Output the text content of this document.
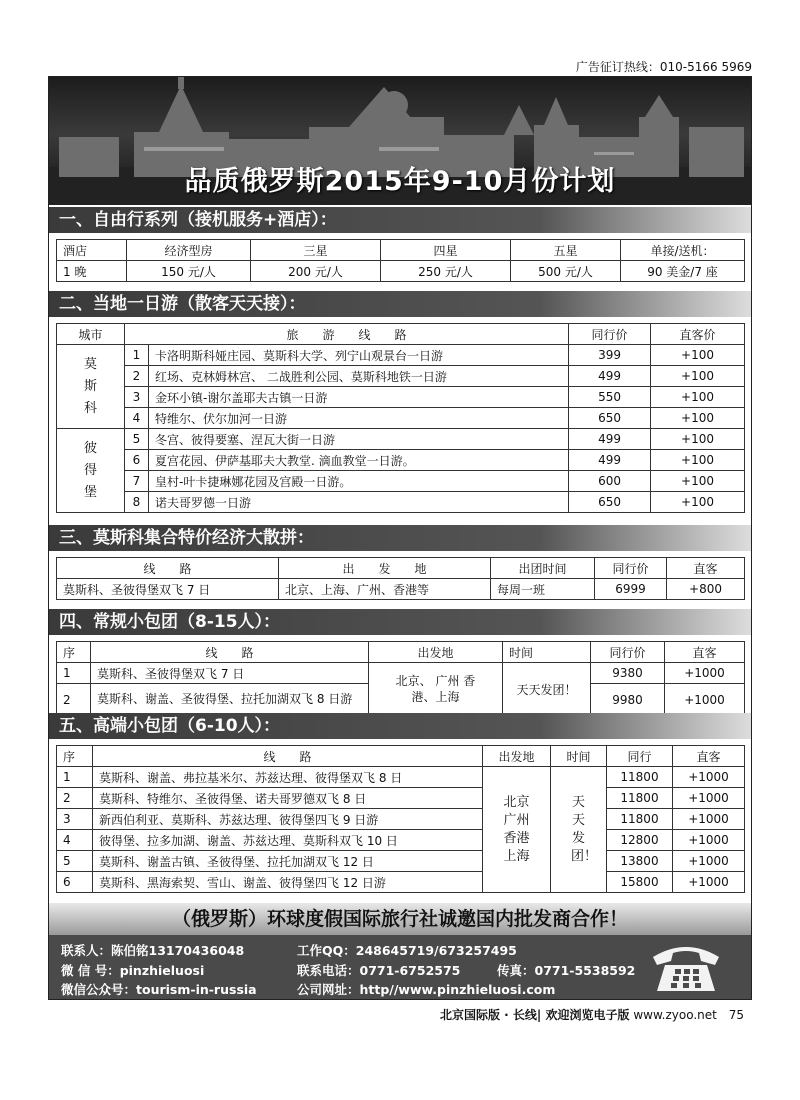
广告征订热线：010-5166 5969
品质俄罗斯2015年9-10月份计划
一、自由行系列（接机服务+酒店）：
酒店	经济型房	三星	四星	五星	单接/送机：
1 晚	150 元/人	200 元/人	250 元/人	500 元/人	90 美金/7 座
二、当地一日游（散客天天接）：
城市	旅　　游　　线　　路		同行价	直客价
莫斯科	1	卡洛明斯科娅庄园、莫斯科大学、列宁山观景台一日游	399	+100
	2	红场、克林姆林宫、 二战胜利公园、莫斯科地铁一日游	499	+100
	3	金环小镇-谢尔盖耶夫古镇一日游	550	+100
	4	特维尔、伏尔加河一日游	650	+100
彼得堡	5	冬宫、彼得要塞、涅瓦大街一日游	499	+100
	6	夏宫花园、伊萨基耶夫大教堂. 滴血教堂一日游。	499	+100
	7	皇村-叶卡捷琳娜花园及宫殿一日游。	600	+100
	8	诺夫哥罗德一日游	650	+100
三、莫斯科集合特价经济大散拼：
线　　路	出　　发　　地	出团时间	同行价	直客
莫斯科、圣彼得堡双飞 7 日	北京、上海、广州、香港等	每周一班	6999	+800
四、常规小包团（8-15人）：
序	线　　路	出发地	时间	同行价	直客
1	莫斯科、圣彼得堡双飞 7 日	北京、 广州 香港、上海	天天发团！	9380	+1000
2	莫斯科、谢盖、圣彼得堡、拉托加湖双飞 8 日游			9980	+1000
五、高端小包团（6-10人）：
序	线　　路	出发地	时间	同行	直客
1	莫斯科、谢盖、弗拉基米尔、苏兹达理、彼得堡双飞 8 日	北京 广州 香港 上海	天天发团！	11800	+1000
2	莫斯科、特维尔、圣彼得堡、诺夫哥罗德双飞 8 日			11800	+1000
3	新西伯利亚、莫斯科、苏兹达理、彼得堡四飞 9 日游			11800	+1000
4	彼得堡、拉多加湖、谢盖、苏兹达理、莫斯科双飞 10 日			12800	+1000
5	莫斯科、谢盖古镇、圣彼得堡、拉托加湖双飞 12 日			13800	+1000
6	莫斯科、黑海索契、雪山、谢盖、彼得堡四飞 12 日游			15800	+1000
（俄罗斯）环球度假国际旅行社诚邀国内批发商合作！
联系人：陈伯铭13170436048	工作QQ：248645719/673257495
微 信 号：pinzhieluosi	联系电话：0771-6752575	传真：0771-5538592
微信公众号：tourism-in-russia	公司网址：http//www.pinzhieluosi.com
北京国际版 · 长线| 欢迎浏览电子版 www.zyoo.net 75
